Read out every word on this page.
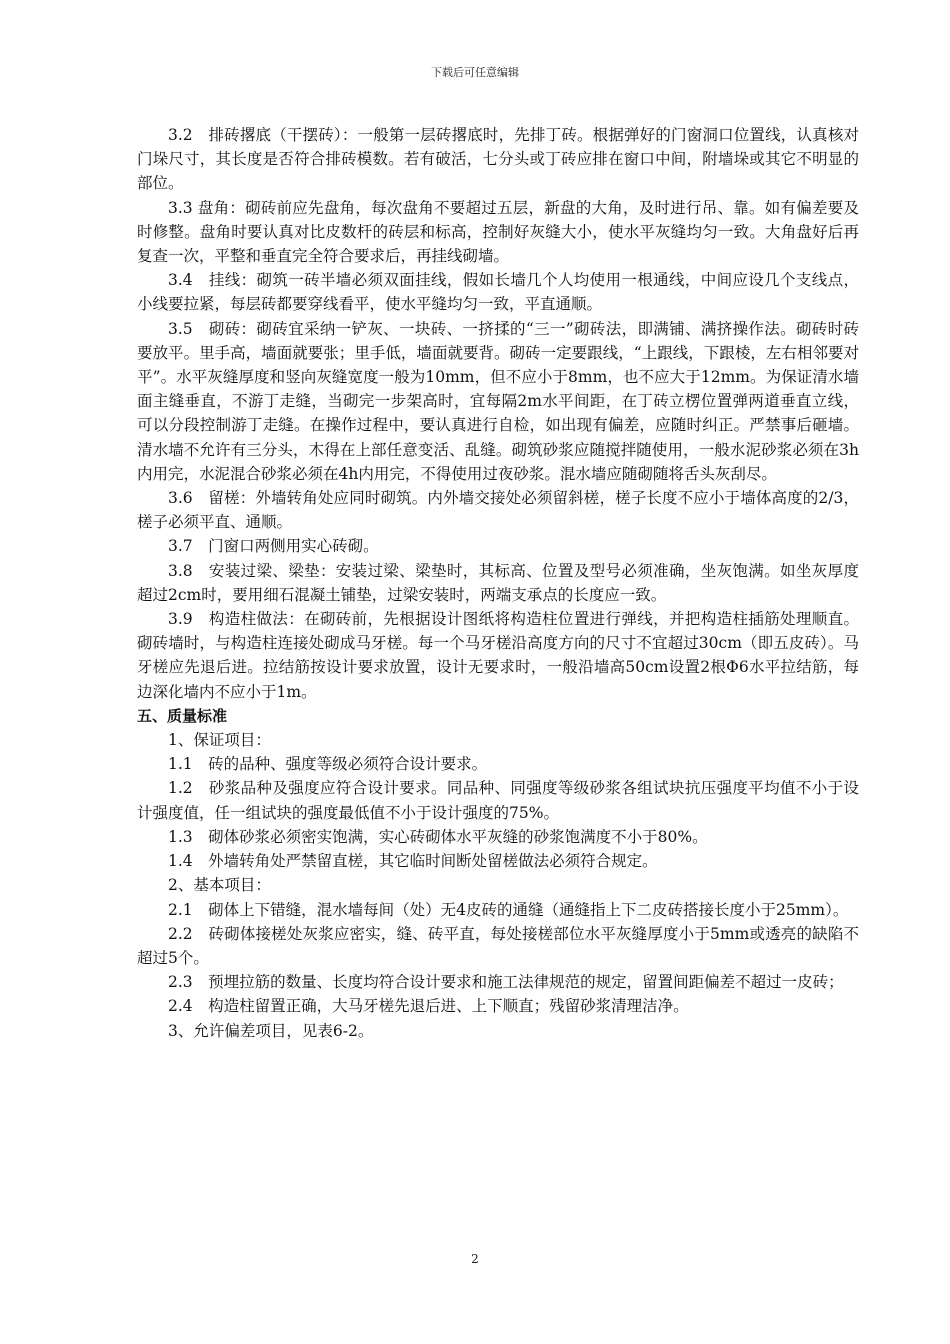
下载后可任意编辑

3.2　排砖撂底（干摆砖）：一般第一层砖撂底时，先排丁砖。根据弹好的门窗洞口位置线，认真核对门垛尺寸，其长度是否符合排砖模数。若有破活，七分头或丁砖应排在窗口中间，附墙垛或其它不明显的部位。

3.3 盘角：砌砖前应先盘角，每次盘角不要超过五层，新盘的大角，及时进行吊、靠。如有偏差要及时修整。盘角时要认真对比皮数杆的砖层和标高，控制好灰缝大小，使水平灰缝均匀一致。大角盘好后再复查一次，平整和垂直完全符合要求后，再挂线砌墙。

3.4　挂线：砌筑一砖半墙必须双面挂线，假如长墙几个人均使用一根通线，中间应设几个支线点，小线要拉紧，每层砖都要穿线看平，使水平缝均匀一致，平直通顺。

3.5　砌砖：砌砖宜采纳一铲灰、一块砖、一挤揉的“三一”砌砖法，即满铺、满挤操作法。砌砖时砖要放平。里手高，墙面就要张；里手低，墙面就要背。砌砖一定要跟线，“上跟线，下跟棱，左右相邻要对平”。水平灰缝厚度和竖向灰缝宽度一般为10mm，但不应小于8mm，也不应大于12mm。为保证清水墙面主缝垂直，不游丁走缝，当砌完一步架高时，宜每隔2m水平间距，在丁砖立楞位置弹两道垂直立线，可以分段控制游丁走缝。在操作过程中，要认真进行自检，如出现有偏差，应随时纠正。严禁事后砸墙。清水墙不允许有三分头，木得在上部任意变活、乱缝。砌筑砂浆应随搅拌随使用，一般水泥砂浆必须在3h内用完，水泥混合砂浆必须在4h内用完，不得使用过夜砂浆。混水墙应随砌随将舌头灰刮尽。

3.6　留槎：外墙转角处应同时砌筑。内外墙交接处必须留斜槎，槎子长度不应小于墙体高度的2/3，槎子必须平直、通顺。

3.7　门窗口两侧用实心砖砌。

3.8　安装过梁、梁垫：安装过梁、梁垫时，其标高、位置及型号必须准确，坐灰饱满。如坐灰厚度超过2cm时，要用细石混凝土铺垫，过梁安装时，两端支承点的长度应一致。

3.9　构造柱做法：在砌砖前，先根据设计图纸将构造柱位置进行弹线，并把构造柱插筋处理顺直。砌砖墙时，与构造柱连接处砌成马牙槎。每一个马牙槎沿高度方向的尺寸不宜超过30cm（即五皮砖）。马牙槎应先退后进。拉结筋按设计要求放置，设计无要求时，一般沿墙高50cm设置2根Φ6水平拉结筋，每边深化墙内不应小于1m。

五、质量标准

1、保证项目：

1.1　砖的品种、强度等级必须符合设计要求。

1.2　砂浆品种及强度应符合设计要求。同品种、同强度等级砂浆各组试块抗压强度平均值不小于设计强度值，任一组试块的强度最低值不小于设计强度的75%。

1.3　砌体砂浆必须密实饱满，实心砖砌体水平灰缝的砂浆饱满度不小于80%。

1.4　外墙转角处严禁留直槎，其它临时间断处留槎做法必须符合规定。

2、基本项目：

2.1　砌体上下错缝，混水墙每间（处）无4皮砖的通缝（通缝指上下二皮砖搭接长度小于25mm）。

2.2　砖砌体接槎处灰浆应密实，缝、砖平直，每处接槎部位水平灰缝厚度小于5mm或透亮的缺陷不超过5个。

2.3　预埋拉筋的数量、长度均符合设计要求和施工法律规范的规定，留置间距偏差不超过一皮砖；

2.4　构造柱留置正确，大马牙槎先退后进、上下顺直；残留砂浆清理洁净。

3、允许偏差项目，见表6-2。

2
